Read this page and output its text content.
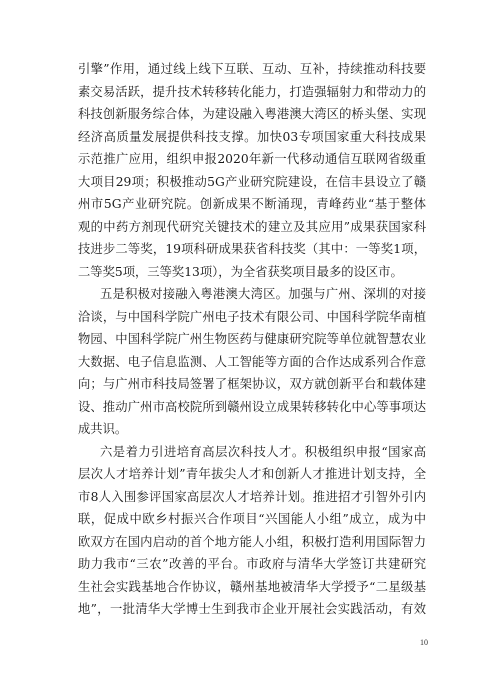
引擎”作用，通过线上线下互联、互动、互补，持续推动科技要
素交易活跃，提升技术转移转化能力，打造强辐射力和带动力的
科技创新服务综合体，为建设融入粤港澳大湾区的桥头堡、实现
经济高质量发展提供科技支撑。加快03专项国家重大科技成果
示范推广应用，组织申报2020年新一代移动通信互联网省级重
大项目29项；积极推动5G产业研究院建设，在信丰县设立了赣
州市5G产业研究院。创新成果不断涌现，青峰药业“基于整体
观的中药方剂现代研究关键技术的建立及其应用”成果获国家科
技进步二等奖，19项科研成果获省科技奖（其中：一等奖1项，
二等奖5项，三等奖13项），为全省获奖项目最多的设区市。
五是积极对接融入粤港澳大湾区。加强与广州、深圳的对接
洽谈，与中国科学院广州电子技术有限公司、中国科学院华南植
物园、中国科学院广州生物医药与健康研究院等单位就智慧农业
大数据、电子信息监测、人工智能等方面的合作达成系列合作意
向；与广州市科技局签署了框架协议，双方就创新平台和载体建
设、推动广州市高校院所到赣州设立成果转移转化中心等事项达
成共识。
六是着力引进培育高层次科技人才。积极组织申报“国家高
层次人才培养计划”青年拔尖人才和创新人才推进计划支持，全
市8人入围参评国家高层次人才培养计划。推进招才引智外引内
联，促成中欧乡村振兴合作项目“兴国能人小组”成立，成为中
欧双方在国内启动的首个地方能人小组，积极打造利用国际智力
助力我市“三农”改善的平台。市政府与清华大学签订共建研究
生社会实践基地合作协议，赣州基地被清华大学授予“二星级基
地”，一批清华大学博士生到我市企业开展社会实践活动，有效
10
